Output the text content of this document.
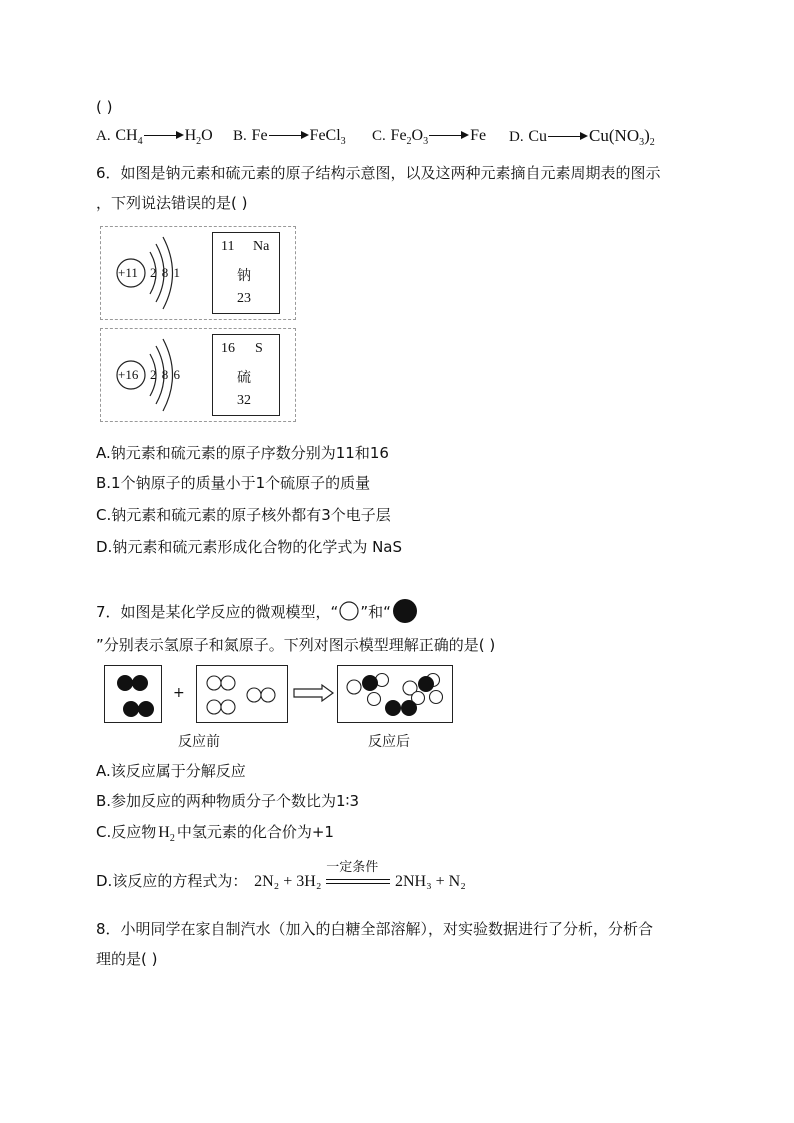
( )
A. $CH_4$	$H_2O$ B. Fe	FeCl$_3$ C. $Fe_2O_3$	Fe D. Cu $Cu(NO_3)_2$
6．如图是钠元素和硫元素的原子结构示意图，以及这两种元素摘自元素周期表的图示
，下列说法错误的是( )
+11 2 8 1
11 Na
钠
23
+16 2 8 6
16 S
硫
32
A.钠元素和硫元素的原子序数分别为11和16
B.1个钠原子的质量小于1个硫原子的质量
C.钠元素和硫元素的原子核外都有3个电子层
D.钠元素和硫元素形成化合物的化学式为 NaS
7．如图是某化学反应的微观模型，“ ”和“
”分别表示氢原子和氮原子。下列对图示模型理解正确的是( )
+
反应前	反应后
A.该反应属于分解反应
B.参加反应的两种物质分子个数比为1∶3
C.反应物 $H_2$ 中氢元素的化合价为+1
D.该反应的方程式为： 2N₂ + 3H₂
一定条件
2NH₃ + N₂
8．小明同学在家自制汽水（加入的白糖全部溶解），对实验数据进行了分析，分析合
理的是( )
